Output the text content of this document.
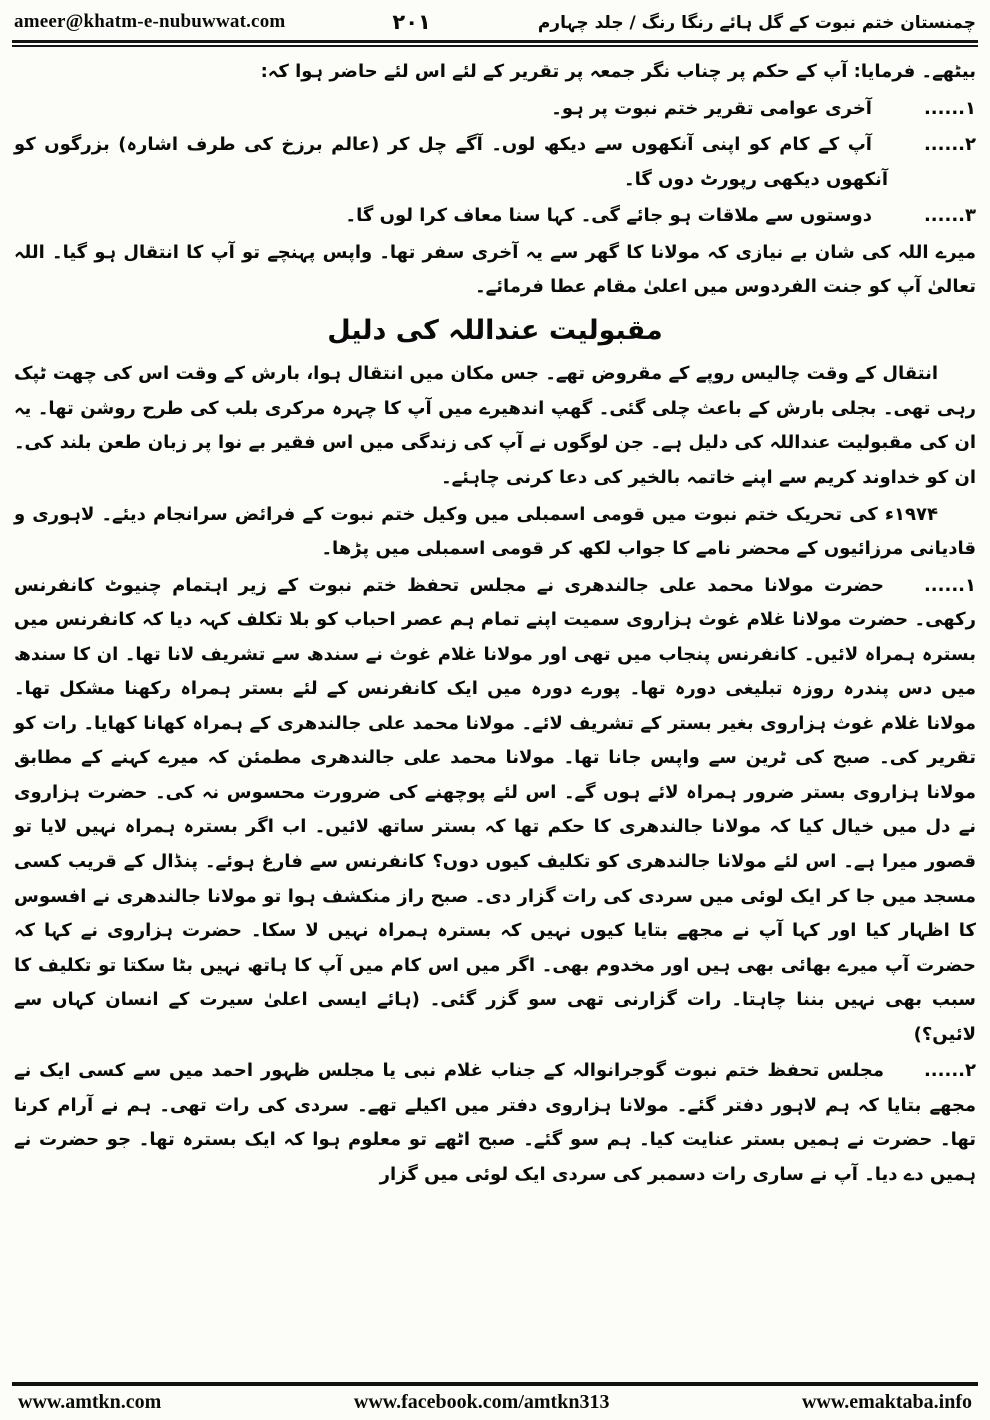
ameer@khatm-e-nubuwwat.com	۲۰۱	چمنستان ختم نبوت کے گل ہائے رنگا رنگ / جلد چہارم

بیٹھے۔ فرمایا: آپ کے حکم پر چناب نگر جمعہ پر تقریر کے لئے اس لئے حاضر ہوا کہ:

۱......آخری عوامی تقریر ختم نبوت پر ہو۔
۲......آپ کے کام کو اپنی آنکھوں سے دیکھ لوں۔ آگے چل کر (عالم برزخ کی طرف اشارہ) بزرگوں کو آنکھوں دیکھی رپورٹ دوں گا۔
۳......دوستوں سے ملاقات ہو جائے گی۔ کہا سنا معاف کرا لوں گا۔

میرے اللہ کی شان بے نیازی کہ مولانا کا گھر سے یہ آخری سفر تھا۔ واپس پہنچے تو آپ کا انتقال ہو گیا۔ اللہ تعالیٰ آپ کو جنت الفردوس میں اعلیٰ مقام عطا فرمائے۔

مقبولیت عنداللہ کی دلیل

انتقال کے وقت چالیس روپے کے مقروض تھے۔ جس مکان میں انتقال ہوا، بارش کے وقت اس کی چھت ٹپک رہی تھی۔ بجلی بارش کے باعث چلی گئی۔ گھپ اندھیرے میں آپ کا چہرہ مرکری بلب کی طرح روشن تھا۔ یہ ان کی مقبولیت عنداللہ کی دلیل ہے۔ جن لوگوں نے آپ کی زندگی میں اس فقیر بے نوا پر زبان طعن بلند کی۔ ان کو خداوند کریم سے اپنے خاتمہ بالخیر کی دعا کرنی چاہئے۔

۱۹۷۴ء کی تحریک ختم نبوت میں قومی اسمبلی میں وکیل ختم نبوت کے فرائض سرانجام دیئے۔ لاہوری و قادیانی مرزائیوں کے محضر نامے کا جواب لکھ کر قومی اسمبلی میں پڑھا۔

۱......حضرت مولانا محمد علی جالندھری نے مجلس تحفظ ختم نبوت کے زیر اہتمام چنیوٹ کانفرنس رکھی۔ حضرت مولانا غلام غوث ہزاروی سمیت اپنے تمام ہم عصر احباب کو بلا تکلف کہہ دیا کہ کانفرنس میں بسترہ ہمراہ لائیں۔ کانفرنس پنجاب میں تھی اور مولانا غلام غوث نے سندھ سے تشریف لانا تھا۔ ان کا سندھ میں دس پندرہ روزہ تبلیغی دورہ تھا۔ پورے دورہ میں ایک کانفرنس کے لئے بستر ہمراہ رکھنا مشکل تھا۔ مولانا غلام غوث ہزاروی بغیر بستر کے تشریف لائے۔ مولانا محمد علی جالندھری کے ہمراہ کھانا کھایا۔ رات کو تقریر کی۔ صبح کی ٹرین سے واپس جانا تھا۔ مولانا محمد علی جالندھری مطمئن کہ میرے کہنے کے مطابق مولانا ہزاروی بستر ضرور ہمراہ لائے ہوں گے۔ اس لئے پوچھنے کی ضرورت محسوس نہ کی۔ حضرت ہزاروی نے دل میں خیال کیا کہ مولانا جالندھری کا حکم تھا کہ بستر ساتھ لائیں۔ اب اگر بسترہ ہمراہ نہیں لایا تو قصور میرا ہے۔ اس لئے مولانا جالندھری کو تکلیف کیوں دوں؟ کانفرنس سے فارغ ہوئے۔ پنڈال کے قریب کسی مسجد میں جا کر ایک لوئی میں سردی کی رات گزار دی۔ صبح راز منکشف ہوا تو مولانا جالندھری نے افسوس کا اظہار کیا اور کہا آپ نے مجھے بتایا کیوں نہیں کہ بسترہ ہمراہ نہیں لا سکا۔ حضرت ہزاروی نے کہا کہ حضرت آپ میرے بھائی بھی ہیں اور مخدوم بھی۔ اگر میں اس کام میں آپ کا ہاتھ نہیں بٹا سکتا تو تکلیف کا سبب بھی نہیں بننا چاہتا۔ رات گزارنی تھی سو گزر گئی۔ (ہائے ایسی اعلیٰ سیرت کے انسان کہاں سے لائیں؟)
۲......مجلس تحفظ ختم نبوت گوجرانوالہ کے جناب غلام نبی یا مجلس ظہور احمد میں سے کسی ایک نے مجھے بتایا کہ ہم لاہور دفتر گئے۔ مولانا ہزاروی دفتر میں اکیلے تھے۔ سردی کی رات تھی۔ ہم نے آرام کرنا تھا۔ حضرت نے ہمیں بستر عنایت کیا۔ ہم سو گئے۔ صبح اٹھے تو معلوم ہوا کہ ایک بسترہ تھا۔ جو حضرت نے ہمیں دے دیا۔ آپ نے ساری رات دسمبر کی سردی ایک لوئی میں گزار
www.amtkn.com	www.facebook.com/amtkn313	www.emaktaba.info
